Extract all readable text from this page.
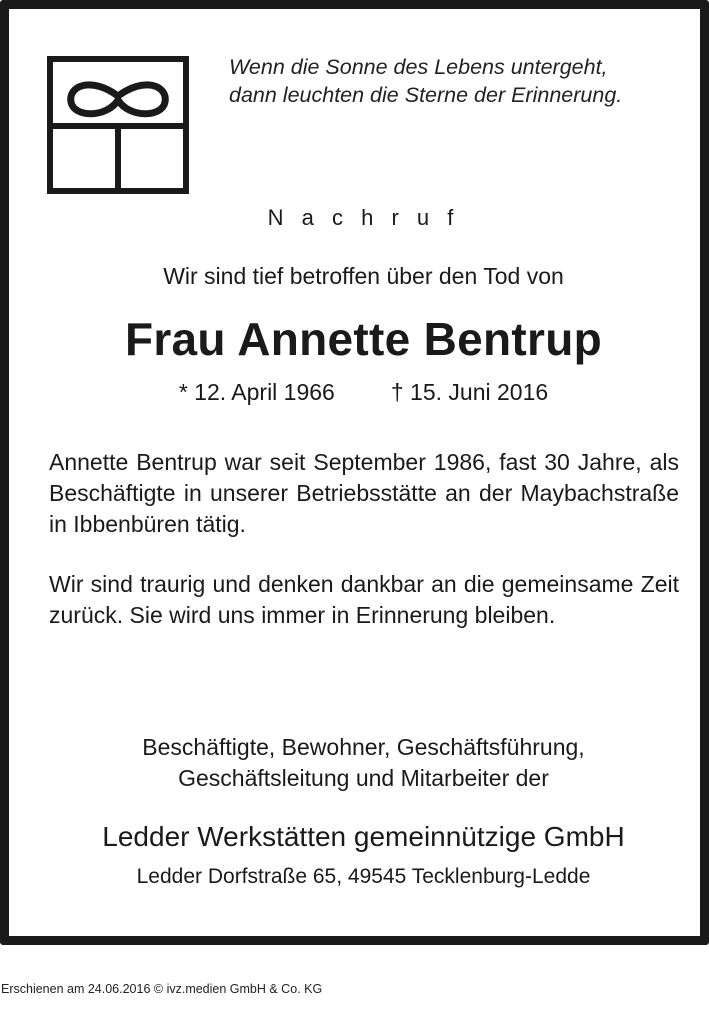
Wenn die Sonne des Lebens untergeht,
dann leuchten die Sterne der Erinnerung.
N a c h r u f
Wir sind tief betroffen über den Tod von
Frau Annette Bentrup
* 12. April 1966 † 15. Juni 2016
Annette Bentrup war seit September 1986, fast 30 Jahre, als Beschäftigte in unserer Betriebsstätte an der Maybachstraße in Ibbenbüren tätig.
Wir sind traurig und denken dankbar an die gemeinsame Zeit zurück. Sie wird uns immer in Erinnerung bleiben.
Beschäftigte, Bewohner, Geschäftsführung,
Geschäftsleitung und Mitarbeiter der
Ledder Werkstätten gemeinnützige GmbH
Ledder Dorfstraße 65, 49545 Tecklenburg-Ledde
Erschienen am 24.06.2016 © ivz.medien GmbH & Co. KG
